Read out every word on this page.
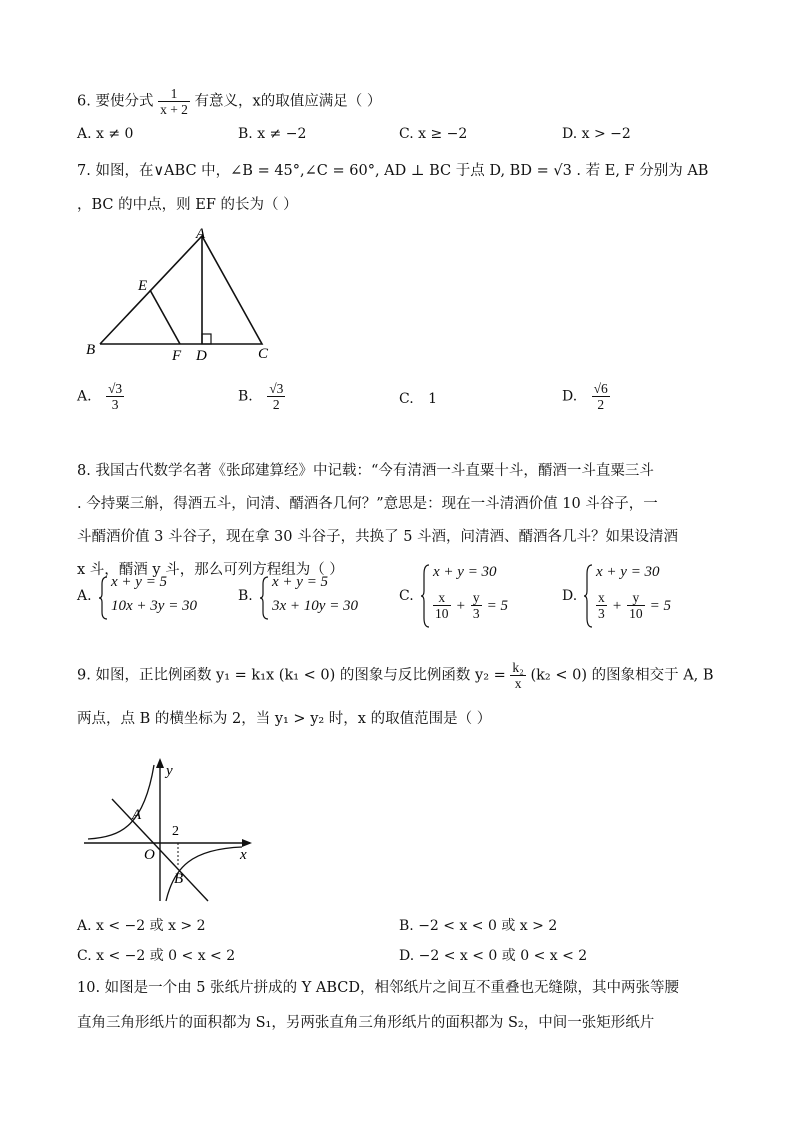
6. 要使分式 $\frac{1}{x + 2}$ 有意义，x的取值应满足（ ）
A. x ≠ 0	B. x ≠ −2	C. x ≥ −2	D. x > −2
7. 如图，在∨ABC 中，∠B = 45°,∠C = 60°, AD ⊥ BC 于点 D, BD = √3 . 若 E, F 分别为 AB
，BC 的中点，则 EF 的长为（ ）
A
B	C
D
E
F
A. $\frac{√3}{3}$	B. $\frac{√3}{2}$	C. 1	D. $\frac{√6}{2}$
8. 我国古代数学名著《张邱建算经》中记载：“今有清酒一斗直粟十斗，醑酒一斗直粟三斗
. 今持粟三斛，得酒五斗，问清、醑酒各几何？”意思是：现在一斗清酒价值 10 斗谷子，一
斗醑酒价值 3 斗谷子，现在拿 30 斗谷子，共换了 5 斗酒，问清酒、醑酒各几斗？如果设清酒
x 斗，醑酒 y 斗，那么可列方程组为（ ）
A.
x + y = 5
10x + 3y = 30
B.
x + y = 5
3x + 10y = 30
C.
x + y = 30
$\frac{x}{10} + \frac{y}{3} = 5$
D.
x + y = 30
$\frac{x}{3} + \frac{y}{10} = 5$
9. 如图，正比例函数 y₁ = k₁x (k₁ < 0) 的图象与反比例函数 $y_2 = \frac{\text{k₂}}{x} (k_2 < 0)$ 的图象相交于 A, B
两点，点 B 的横坐标为 2，当 y₁ > y₂ 时，x 的取值范围是（ ）
y
x
O
A
B
2
A. x < −2 或 x > 2	B. −2 < x < 0 或 x > 2
C. x < −2 或 0 < x < 2	D. −2 < x < 0 或 0 < x < 2
10. 如图是一个由 5 张纸片拼成的 Y ABCD，相邻纸片之间互不重叠也无缝隙，其中两张等腰
直角三角形纸片的面积都为 S₁，另两张直角三角形纸片的面积都为 S₂，中间一张矩形纸片
